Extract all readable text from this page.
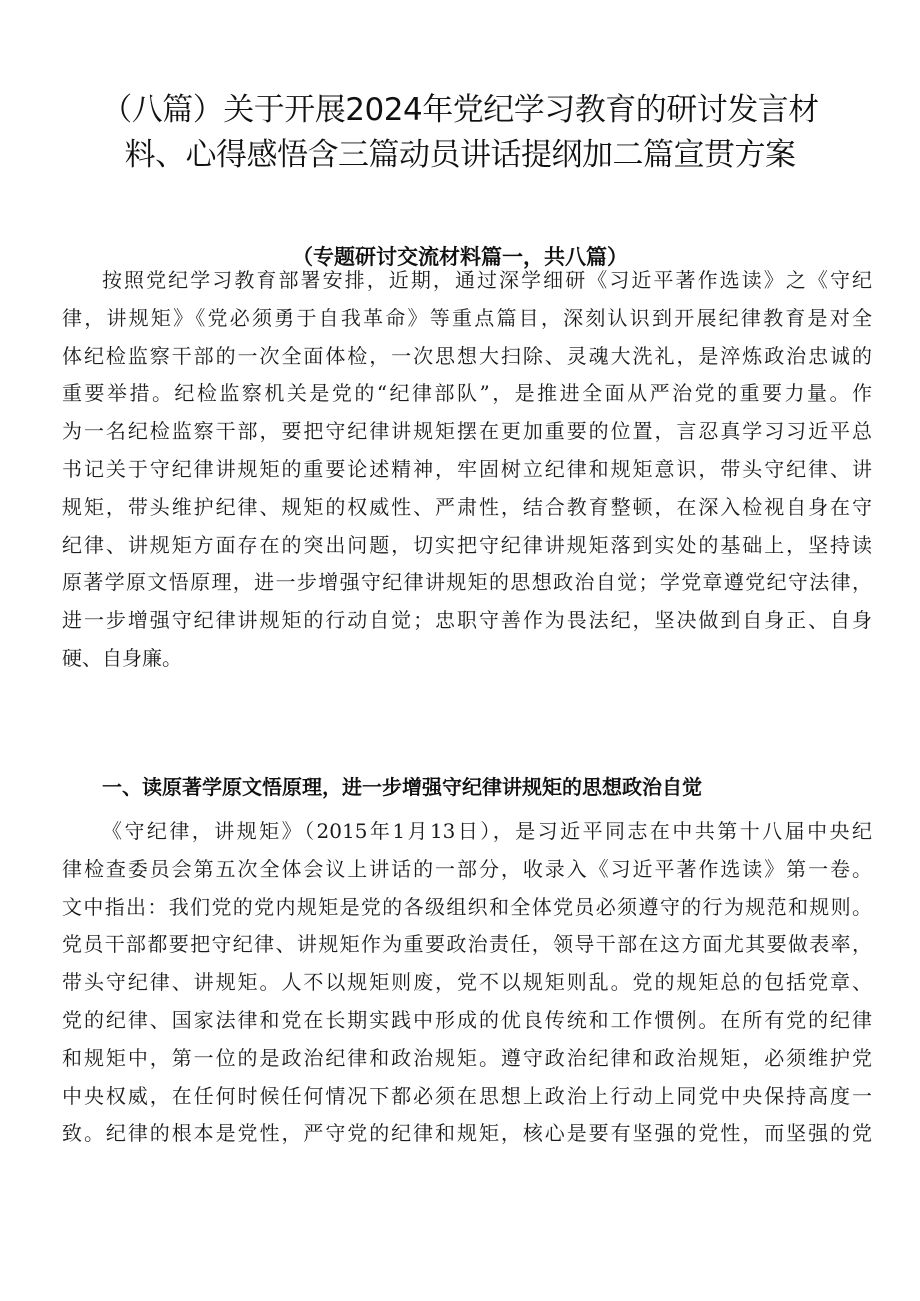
（八篇）关于开展2024年党纪学习教育的研讨发言材
料、心得感悟含三篇动员讲话提纲加二篇宣贯方案
（专题研讨交流材料篇一，共八篇）
按照党纪学习教育部署安排，近期，通过深学细研《习近平著作选读》之《守纪
律，讲规矩》《党必须勇于自我革命》等重点篇目，深刻认识到开展纪律教育是对全
体纪检监察干部的一次全面体检，一次思想大扫除、灵魂大洗礼，是淬炼政治忠诚的
重要举措。纪检监察机关是党的“纪律部队”，是推进全面从严治党的重要力量。作
为一名纪检监察干部，要把守纪律讲规矩摆在更加重要的位置，言忍真学习习近平总
书记关于守纪律讲规矩的重要论述精神，牢固树立纪律和规矩意识，带头守纪律、讲
规矩，带头维护纪律、规矩的权威性、严肃性，结合教育整顿，在深入检视自身在守
纪律、讲规矩方面存在的突出问题，切实把守纪律讲规矩落到实处的基础上，坚持读
原著学原文悟原理，进一步增强守纪律讲规矩的思想政治自觉；学党章遵党纪守法律，
进一步增强守纪律讲规矩的行动自觉；忠职守善作为畏法纪，坚决做到自身正、自身
硬、自身廉。
一、读原著学原文悟原理，进一步增强守纪律讲规矩的思想政治自觉
《守纪律，讲规矩》（2015年1月13日），是习近平同志在中共第十八届中央纪
律检查委员会第五次全体会议上讲话的一部分，收录入《习近平著作选读》第一卷。
文中指出：我们党的党内规矩是党的各级组织和全体党员必须遵守的行为规范和规则。
党员干部都要把守纪律、讲规矩作为重要政治责任，领导干部在这方面尤其要做表率，
带头守纪律、讲规矩。人不以规矩则废，党不以规矩则乱。党的规矩总的包括党章、
党的纪律、国家法律和党在长期实践中形成的优良传统和工作惯例。在所有党的纪律
和规矩中，第一位的是政治纪律和政治规矩。遵守政治纪律和政治规矩，必须维护党
中央权威，在任何时候任何情况下都必须在思想上政治上行动上同党中央保持高度一
致。纪律的根本是党性，严守党的纪律和规矩，核心是要有坚强的党性，而坚强的党
